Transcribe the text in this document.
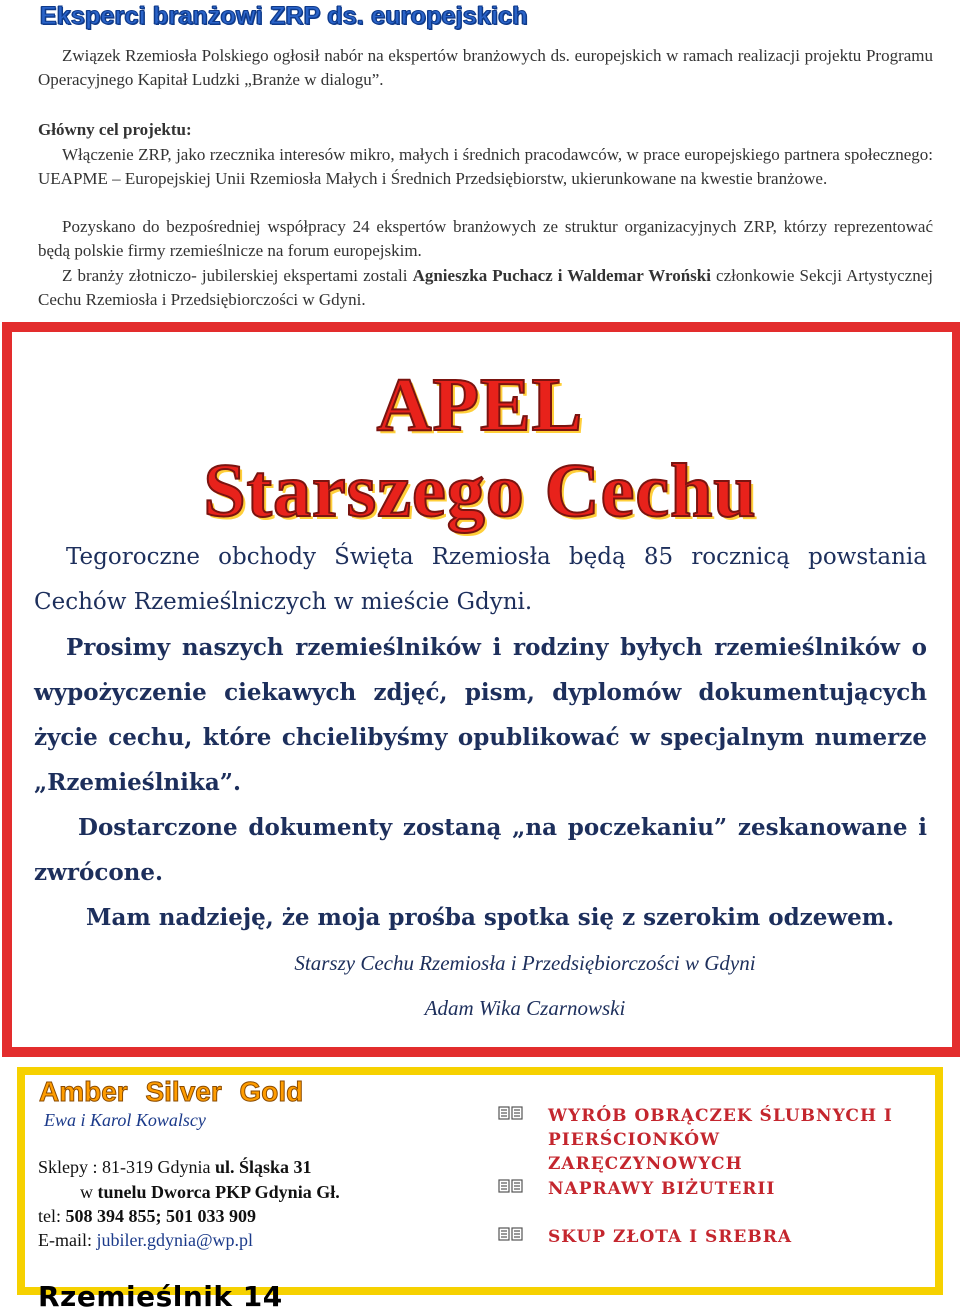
Eksperci branżowi ZRP ds. europejskich

Związek Rzemiosła Polskiego ogłosił nabór na ekspertów branżowych ds. europejskich w ramach realizacji projektu Programu Operacyjnego Kapitał Ludzki „Branże w dialogu”.

Główny cel projektu:

Włączenie ZRP, jako rzecznika interesów mikro, małych i średnich pracodawców, w prace europejskiego partnera społecznego: UEAPME – Europejskiej Unii Rzemiosła Małych i Średnich Przedsiębiorstw, ukierunkowane na kwestie branżowe.

Pozyskano do bezpośredniej współpracy 24 ekspertów branżowych ze struktur organizacyjnych ZRP, którzy reprezentować będą polskie firmy rzemieślnicze na forum europejskim.

Z branży złotniczo- jubilerskiej ekspertami zostali Agnieszka Puchacz i Waldemar Wroński członkowie Sekcji Artystycznej Cechu Rzemiosła i Przedsiębiorczości w Gdyni.

APEL
Starszego Cechu

Tegoroczne obchody Święta Rzemiosła będą 85 rocznicą powstania Cechów Rzemieślniczych w mieście Gdyni.

Prosimy naszych rzemieślników i rodziny byłych rzemieślników o wypożyczenie ciekawych zdjęć, pism, dyplomów dokumentujących życie cechu, które chcielibyśmy opublikować w specjalnym numerze „Rzemieślnika”.

Dostarczone dokumenty zostaną „na poczekaniu” zeskanowane i zwrócone.

Mam nadzieję, że moja prośba spotka się z szerokim odzewem.

Starszy Cechu Rzemiosła i Przedsiębiorczości w Gdyni
Adam Wika Czarnowski
Amber Silver Gold
Ewa i Karol Kowalscy
Sklepy : 81-319 Gdynia ul. Śląska 31
w tunelu Dworca PKP Gdynia Gł.
tel: 508 394 855; 501 033 909
E-mail: jubiler.gdynia@wp.pl
WYRÓB OBRĄCZEK ŚLUBNYCH I PIERŚCIONKÓW ZARĘCZYNOWYCH
NAPRAWY BIŻUTERII
SKUP ZŁOTA I SREBRA
Rzemieślnik 14
